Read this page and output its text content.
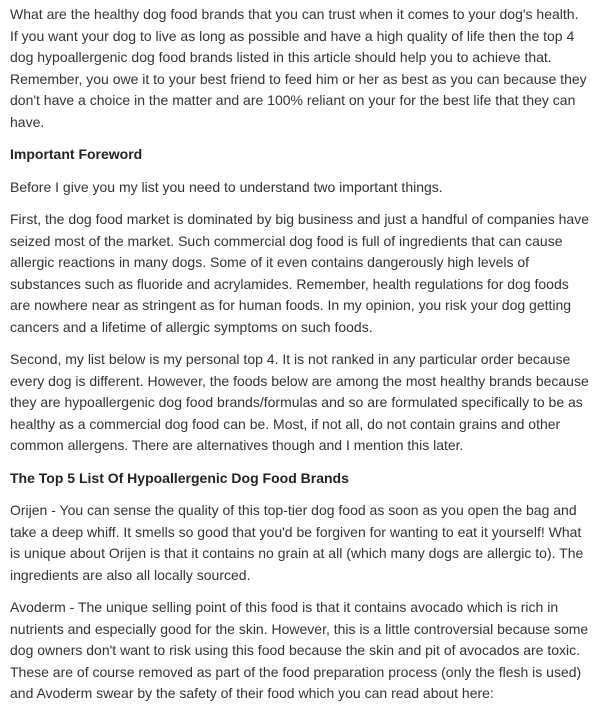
What are the healthy dog food brands that you can trust when it comes to your dog's health. If you want your dog to live as long as possible and have a high quality of life then the top 4 dog hypoallergenic dog food brands listed in this article should help you to achieve that. Remember, you owe it to your best friend to feed him or her as best as you can because they don't have a choice in the matter and are 100% reliant on your for the best life that they can have.

Important Foreword

Before I give you my list you need to understand two important things.

First, the dog food market is dominated by big business and just a handful of companies have seized most of the market. Such commercial dog food is full of ingredients that can cause allergic reactions in many dogs. Some of it even contains dangerously high levels of substances such as fluoride and acrylamides. Remember, health regulations for dog foods are nowhere near as stringent as for human foods. In my opinion, you risk your dog getting cancers and a lifetime of allergic symptoms on such foods.

Second, my list below is my personal top 4. It is not ranked in any particular order because every dog is different. However, the foods below are among the most healthy brands because they are hypoallergenic dog food brands/formulas and so are formulated specifically to be as healthy as a commercial dog food can be. Most, if not all, do not contain grains and other common allergens. There are alternatives though and I mention this later.

The Top 5 List Of Hypoallergenic Dog Food Brands

Orijen - You can sense the quality of this top-tier dog food as soon as you open the bag and take a deep whiff. It smells so good that you'd be forgiven for wanting to eat it yourself! What is unique about Orijen is that it contains no grain at all (which many dogs are allergic to). The ingredients are also all locally sourced.

Avoderm - The unique selling point of this food is that it contains avocado which is rich in nutrients and especially good for the skin. However, this is a little controversial because some dog owners don't want to risk using this food because the skin and pit of avocados are toxic. These are of course removed as part of the food preparation process (only the flesh is used) and Avoderm swear by the safety of their food which you can read about here:
